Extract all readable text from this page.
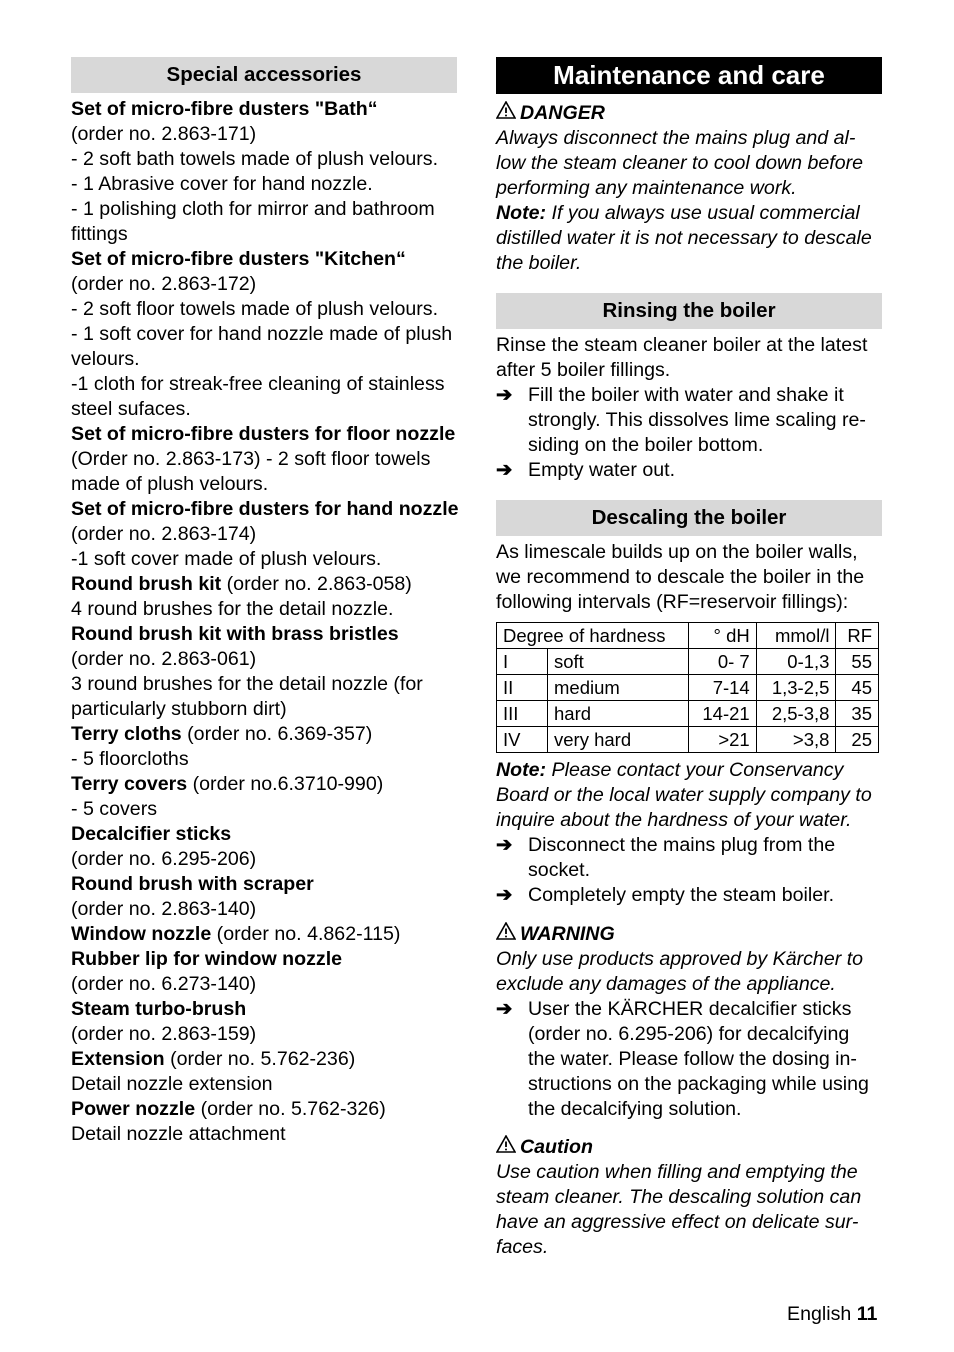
Special accessories
Set of micro-fibre dusters "Bath“
(order no. 2.863-171)
- 2 soft bath towels made of plush velours.
- 1 Abrasive cover for hand nozzle.
- 1 polishing cloth for mirror and bathroom
fittings
Set of micro-fibre dusters "Kitchen“
(order no. 2.863-172)
- 2 soft floor towels made of plush velours.
- 1 soft cover for hand nozzle made of plush
velours.
-1 cloth for streak-free cleaning of stainless
steel sufaces.
Set of micro-fibre dusters for floor nozzle
(Order no. 2.863-173) - 2 soft floor towels
made of plush velours.
Set of micro-fibre dusters for hand nozzle
(order no. 2.863-174)
-1 soft cover made of plush velours.
Round brush kit (order no. 2.863-058)
4 round brushes for the detail nozzle.
Round brush kit with brass bristles
(order no. 2.863-061)
3 round brushes for the detail nozzle (for
particularly stubborn dirt)
Terry cloths (order no. 6.369-357)
- 5 floorcloths
Terry covers (order no.6.3710-990)
- 5 covers
Decalcifier sticks
(order no. 6.295-206)
Round brush with scraper
(order no. 2.863-140)
Window nozzle (order no. 4.862-115)
Rubber lip for window nozzle
(order no. 6.273-140)
Steam turbo-brush
(order no. 2.863-159)
Extension (order no. 5.762-236)
Detail nozzle extension
Power nozzle (order no. 5.762-326)
Detail nozzle attachment
Maintenance and care
DANGER
Always disconnect the mains plug and al-
low the steam cleaner to cool down before
performing any maintenance work.
Note: If you always use usual commercial
distilled water it is not necessary to descale
the boiler.
Rinsing the boiler
Rinse the steam cleaner boiler at the latest
after 5 boiler fillings.
➔ Fill the boiler with water and shake it
strongly. This dissolves lime scaling re-
siding on the boiler bottom.
➔ Empty water out.
Descaling the boiler
As limescale builds up on the boiler walls,
we recommend to descale the boiler in the
following intervals (RF=reservoir fillings):
Degree of hardness		° dH	mmol/l	RF
I	soft	0- 7	0-1,3	55
II	medium	7-14	1,3-2,5	45
III	hard	14-21	2,5-3,8	35
IV	very hard	>21	>3,8	25
Note: Please contact your Conservancy
Board or the local water supply company to
inquire about the hardness of your water.
➔ Disconnect the mains plug from the
socket.
➔ Completely empty the steam boiler.
WARNING
Only use products approved by Kärcher to
exclude any damages of the appliance.
➔ User the KÄRCHER decalcifier sticks
(order no. 6.295-206) for decalcifying
the water. Please follow the dosing in-
structions on the packaging while using
the decalcifying solution.
Caution
Use caution when filling and emptying the
steam cleaner. The descaling solution can
have an aggressive effect on delicate sur-
faces.
English 11
